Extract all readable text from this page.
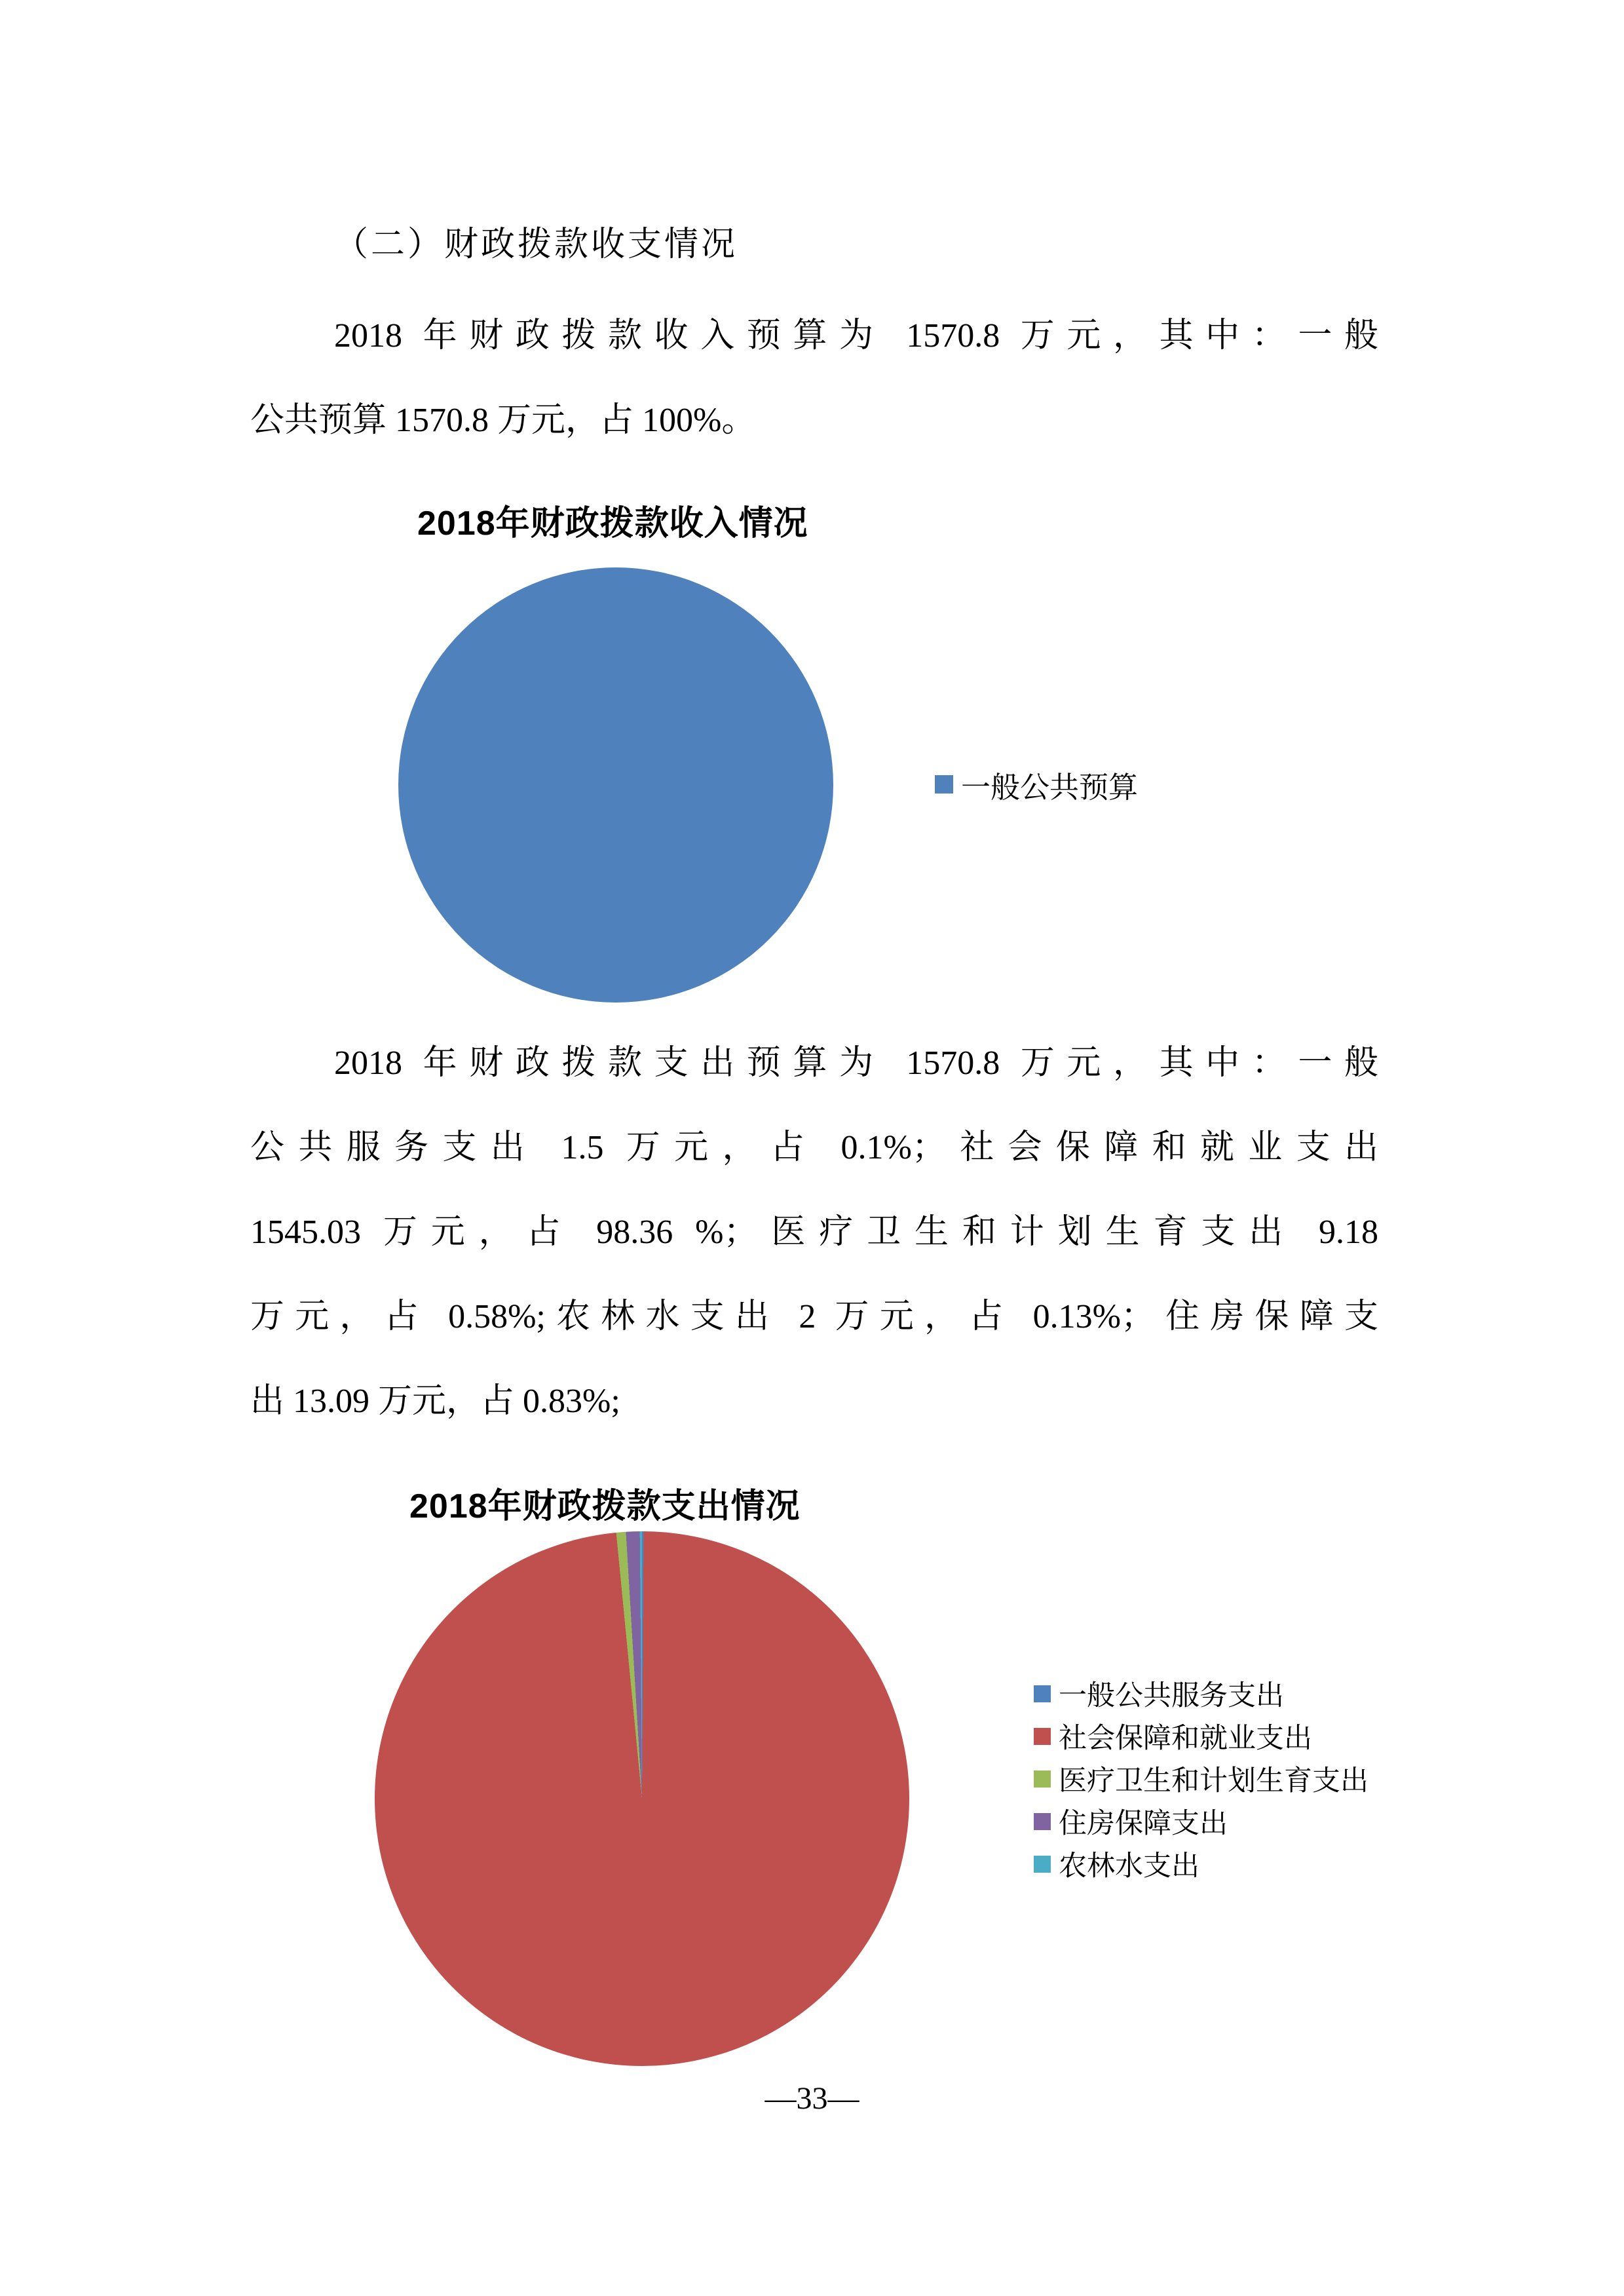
（二）财政拨款收支情况
2018 年财政拨款收入预算为 1570.8 万元，其中：一般
公共预算 1570.8 万元，占 100%。
2018年财政拨款收入情况
一般公共预算
2018 年财政拨款支出预算为 1570.8 万元，其中：一般
公共服务支出 1.5 万元，占 0.1%；社会保障和就业支出
1545.03 万元，占 98.36 %；医疗卫生和计划生育支出 9.18
万元，占 0.58%;农林水支出 2 万元，占 0.13%；住房保障支
出 13.09 万元，占 0.83%;
2018年财政拨款支出情况
一般公共服务支出
社会保障和就业支出
医疗卫生和计划生育支出
住房保障支出
农林水支出
—33—
